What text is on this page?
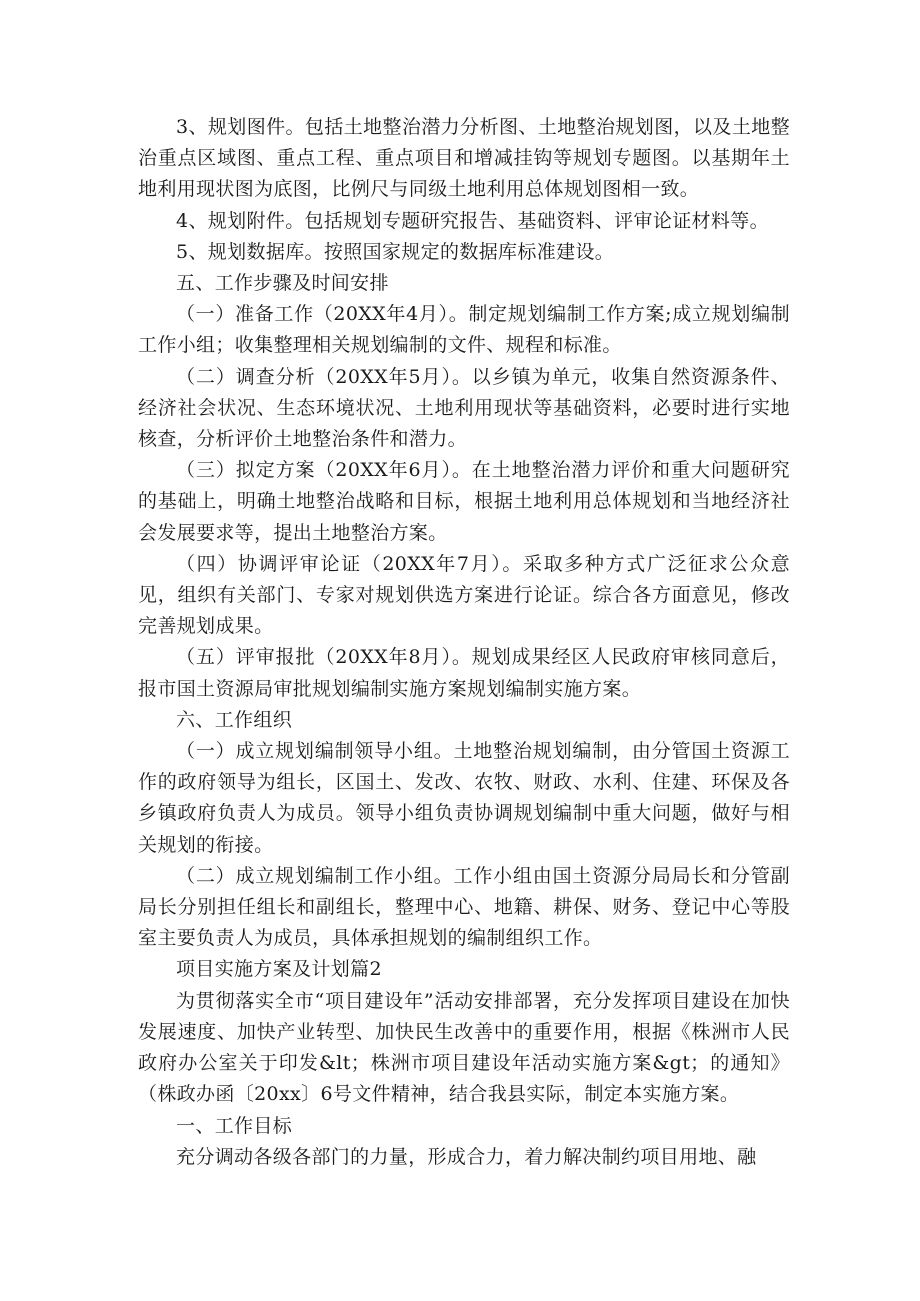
3、规划图件。包括土地整治潜力分析图、土地整治规划图，以及土地整治重点区域图、重点工程、重点项目和增减挂钩等规划专题图。以基期年土地利用现状图为底图，比例尺与同级土地利用总体规划图相一致。

4、规划附件。包括规划专题研究报告、基础资料、评审论证材料等。

5、规划数据库。按照国家规定的数据库标准建设。

五、工作步骤及时间安排

（一）准备工作（20XX年4月）。制定规划编制工作方案;成立规划编制工作小组；收集整理相关规划编制的文件、规程和标准。

（二）调查分析（20XX年5月）。以乡镇为单元，收集自然资源条件、经济社会状况、生态环境状况、土地利用现状等基础资料，必要时进行实地核查，分析评价土地整治条件和潜力。

（三）拟定方案（20XX年6月）。在土地整治潜力评价和重大问题研究的基础上，明确土地整治战略和目标，根据土地利用总体规划和当地经济社会发展要求等，提出土地整治方案。

（四）协调评审论证（20XX年7月）。采取多种方式广泛征求公众意见，组织有关部门、专家对规划供选方案进行论证。综合各方面意见，修改完善规划成果。

（五）评审报批（20XX年8月）。规划成果经区人民政府审核同意后，报市国土资源局审批规划编制实施方案规划编制实施方案。

六、工作组织

（一）成立规划编制领导小组。土地整治规划编制，由分管国土资源工作的政府领导为组长，区国土、发改、农牧、财政、水利、住建、环保及各乡镇政府负责人为成员。领导小组负责协调规划编制中重大问题，做好与相关规划的衔接。

（二）成立规划编制工作小组。工作小组由国土资源分局局长和分管副局长分别担任组长和副组长，整理中心、地籍、耕保、财务、登记中心等股室主要负责人为成员，具体承担规划的编制组织工作。

项目实施方案及计划篇2

为贯彻落实全市“项目建设年”活动安排部署，充分发挥项目建设在加快发展速度、加快产业转型、加快民生改善中的重要作用，根据《株洲市人民政府办公室关于印发&lt；株洲市项目建设年活动实施方案&gt；的通知》（株政办函〔20xx〕6号文件精神，结合我县实际，制定本实施方案。

一、工作目标

充分调动各级各部门的力量，形成合力，着力解决制约项目用地、融
